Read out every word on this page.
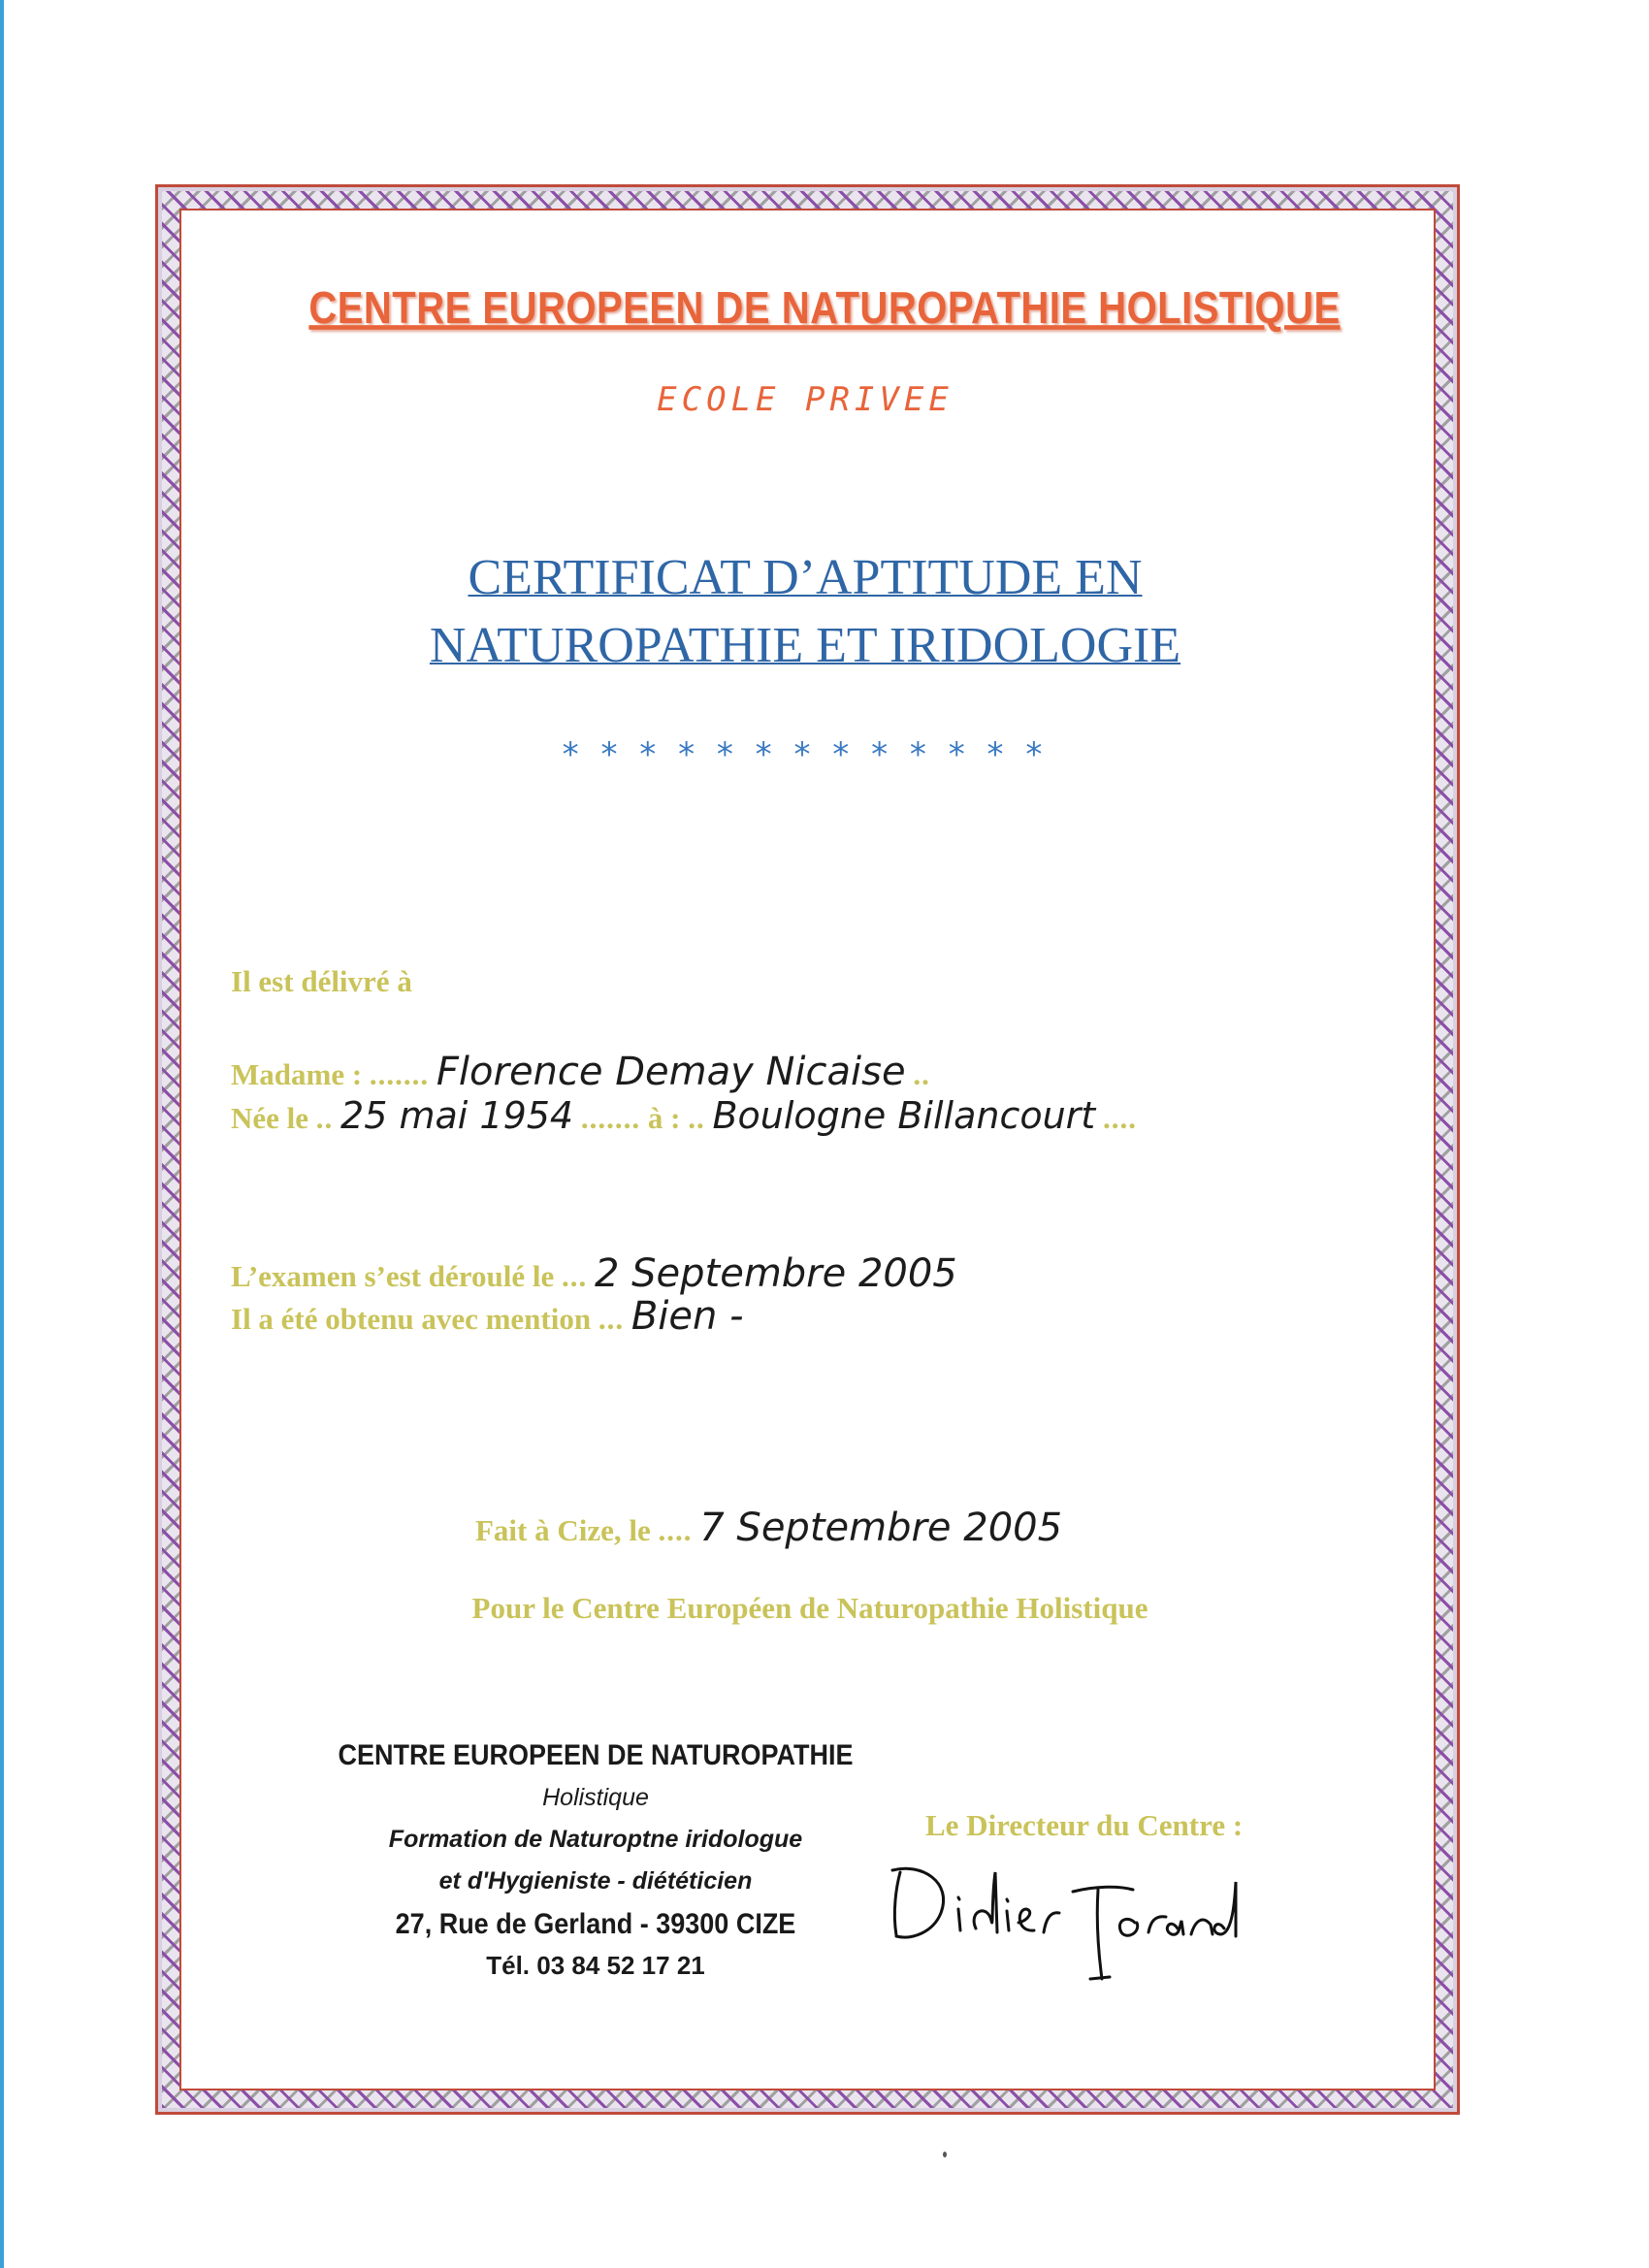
CENTRE EUROPEEN DE NATUROPATHIE HOLISTIQUE
ECOLE PRIVEE
CERTIFICAT D’APTITUDE EN
NATUROPATHIE ET IRIDOLOGIE
* * * * * * * * * * * * *
Il est délivré à
Madame : ....... Florence Demay Nicaise ..
Née le .. 25 mai 1954 ....... à : .. Boulogne Billancourt ....
L’examen s’est déroulé le ... 2 Septembre 2005
Il a été obtenu avec mention ... Bien -
Fait à Cize, le .... 7 Septembre 2005
Pour le Centre Européen de Naturopathie Holistique
CENTRE EUROPEEN DE NATUROPATHIE
Holistique
Formation de Naturoptne iridologue
et d'Hygieniste - diététicien
27, Rue de Gerland - 39300 CIZE
Tél. 03 84 52 17 21
Le Directeur du Centre :
